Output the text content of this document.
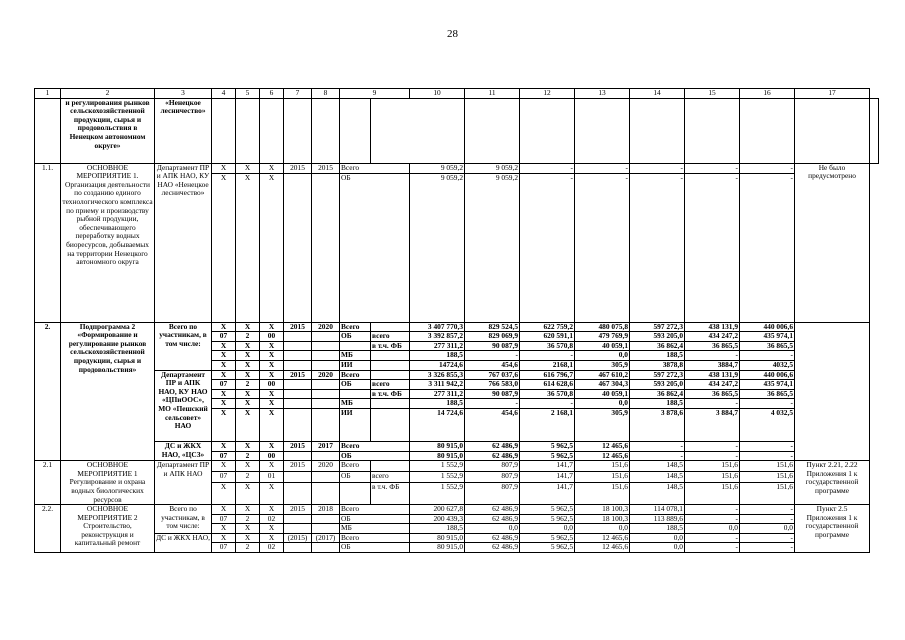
28
1	2	3	4	5	6	7	8	9		10	11	12	13	14	15	16	17	
	и регулирования рынков сельскохозяйственной продукции, сырья и продовольствия в Ненецком автономном округе»	«Ненецкое лесничество»																
1.1.	ОСНОВНОЕ МЕРОПРИЯТИЕ 1. Организация деятельности по созданию единого технологического комплекса по приему и производству рыбной продукции, обеспечивающего переработку водных биоресурсов, добываемых на территории Ненецкого автономного округа	Департамент ПР и АПК НАО, КУ НАО «Ненецкое лесничество»	Х	Х	Х	2015	2015	Всего		9 059,2	9 059,2	-	-	-	-	-	Не было предусмотрено	
			Х	Х	Х			ОБ		9 059,2	9 059,2	-	-	-	-	-		
2.	Подпрограмма 2 «Формирование и регулирование рынков сельскохозяйственной продукции, сырья и продовольствия»	Всего по участникам, в том числе:	Х	Х	Х	2015	2020	Всего		3 407 770,3	829 524,5	622 759,2	480 075,8	597 272,3	438 131,9	440 006,6		
			07	2	00			ОБ	всего	3 392 857,2	829 069,9	620 591,1	479 769,9	593 205,0	434 247,2	435 974,1		
			Х	Х	Х				в т.ч. ФБ	277 311,2	90 087,9	36 570,8	40 059,1	36 862,4	36 865,5	36 865,5		
			Х	Х	Х			МБ		188,5	-	-	0,0	188,5	-	-		
			Х	Х	Х			ИИ		14724,6	454,6	2168,1	305,9	3878,8	3884,7	4032,5		
		Департамент ПР и АПК НАО, КУ НАО «ЦПиООС», МО «Пешский сельсовет» НАО	Х	Х	Х	2015	2020	Всего		3 326 855,3	767 037,6	616 796,7	467 610,2	597 272,3	438 131,9	440 006,6		
			07	2	00			ОБ	всего	3 311 942,2	766 583,0	614 628,6	467 304,3	593 205,0	434 247,2	435 974,1		
			Х	Х	Х				в т.ч. ФБ	277 311,2	90 087,9	36 570,8	40 059,1	36 862,4	36 865,5	36 865,5		
			Х	Х	Х			МБ		188,5	-	-	0,0	188,5	-	-		
			Х	Х	Х			ИИ		14 724,6	454,6	2 168,1	305,9	3 878,6	3 884,7	4 032,5		
		ДС и ЖКХ НАО, «ЦСЗ»	Х	Х	Х	2015	2017	Всего		80 915,0	62 486,9	5 962,5	12 465,6	-	-	-		
			07	2	00			ОБ		80 915,0	62 486,9	5 962,5	12 465,6	-	-	-		
2.1	ОСНОВНОЕ МЕРОПРИЯТИЕ 1 Регулирование и охрана водных биологических ресурсов	Департамент ПР и АПК НАО	Х	Х	Х	2015	2020	Всего		1 552,9	807,9	141,7	151,6	148,5	151,6	151,6	Пункт 2.21, 2.22 Приложения 1 к государственной программе	
			07	2	01			ОБ	всего	1 552,9	807,9	141,7	151,6	148,5	151,6	151,6		
			Х	Х	Х				в т.ч. ФБ	1 552,9	807,9	141,7	151,6	148,5	151,6	151,6		
2.2.	ОСНОВНОЕ МЕРОПРИЯТИЕ 2 Строительство, реконструкция и капитальный ремонт	Всего по участникам, в том числе:	Х	Х	Х	2015	2018	Всего		200 627,8	62 486,9	5 962,5	18 100,3	114 078,1	-	-	Пункт 2.5 Приложения 1 к государственной программе	
			07	2	02			ОБ		200 439,3	62 486,9	5 962,5	18 100,3	113 889,6	-	-		
			Х	Х	Х			МБ		188,5	0,0	0,0	0,0	188,5	0,0	0,0		
		ДС и ЖКХ НАО,	Х	Х	Х	(2015)	(2017)	Всего		80 915,0	62 486,9	5 962,5	12 465,6	0,0	-	-		
			07	2	02			ОБ		80 915,0	62 486,9	5 962,5	12 465,6	0,0	-	-		
